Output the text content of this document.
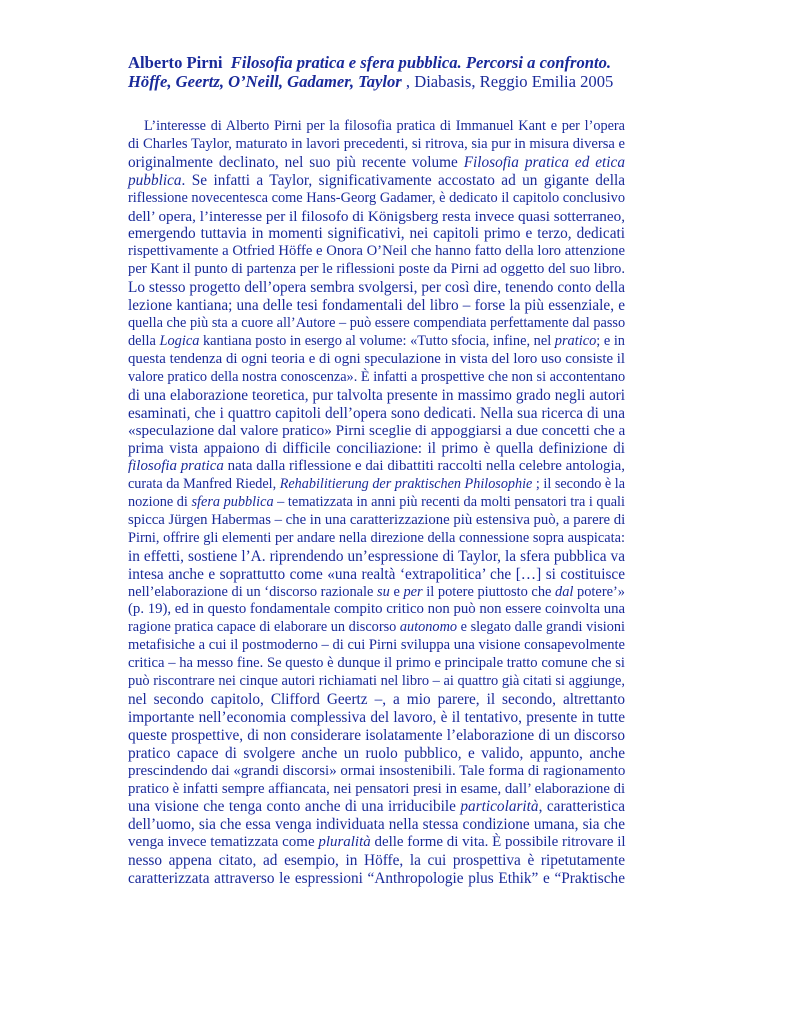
Alberto Pirni Filosofia pratica e sfera pubblica. Percorsi a confronto.
Höffe, Geertz, O’Neill, Gadamer, Taylor , Diabasis, Reggio Emilia 2005
L’interesse di Alberto Pirni per la filosofia pratica di Immanuel Kant e per l’opera
di Charles Taylor, maturato in lavori precedenti, si ritrova, sia pur in misura diversa e
originalmente declinato, nel suo più recente volume Filosofia pratica ed etica
pubblica. Se infatti a Taylor, significativamente accostato ad un gigante della
riflessione novecentesca come Hans-Georg Gadamer, è dedicato il capitolo conclusivo
dell’ opera, l’interesse per il filosofo di Königsberg resta invece quasi sotterraneo,
emergendo tuttavia in momenti significativi, nei capitoli primo e terzo, dedicati
rispettivamente a Otfried Höffe e Onora O’Neil che hanno fatto della loro attenzione
per Kant il punto di partenza per le riflessioni poste da Pirni ad oggetto del suo libro.
Lo stesso progetto dell’opera sembra svolgersi, per così dire, tenendo conto della
lezione kantiana; una delle tesi fondamentali del libro – forse la più essenziale, e
quella che più sta a cuore all’Autore – può essere compendiata perfettamente dal passo
della Logica kantiana posto in esergo al volume: «Tutto sfocia, infine, nel pratico; e in
questa tendenza di ogni teoria e di ogni speculazione in vista del loro uso consiste il
valore pratico della nostra conoscenza». È infatti a prospettive che non si accontentano
di una elaborazione teoretica, pur talvolta presente in massimo grado negli autori
esaminati, che i quattro capitoli dell’opera sono dedicati. Nella sua ricerca di una
«speculazione dal valore pratico» Pirni sceglie di appoggiarsi a due concetti che a
prima vista appaiono di difficile conciliazione: il primo è quella definizione di
filosofia pratica nata dalla riflessione e dai dibattiti raccolti nella celebre antologia,
curata da Manfred Riedel, Rehabilitierung der praktischen Philosophie ; il secondo è la
nozione di sfera pubblica – tematizzata in anni più recenti da molti pensatori tra i quali
spicca Jürgen Habermas – che in una caratterizzazione più estensiva può, a parere di
Pirni, offrire gli elementi per andare nella direzione della connessione sopra auspicata:
in effetti, sostiene l’A. riprendendo un’espressione di Taylor, la sfera pubblica va
intesa anche e soprattutto come «una realtà ‘extrapolitica’ che […] si costituisce
nell’elaborazione di un ‘discorso razionale su e per il potere piuttosto che dal potere’»
(p. 19), ed in questo fondamentale compito critico non può non essere coinvolta una
ragione pratica capace di elaborare un discorso autonomo e slegato dalle grandi visioni
metafisiche a cui il postmoderno – di cui Pirni sviluppa una visione consapevolmente
critica – ha messo fine. Se questo è dunque il primo e principale tratto comune che si
può riscontrare nei cinque autori richiamati nel libro – ai quattro già citati si aggiunge,
nel secondo capitolo, Clifford Geertz –, a mio parere, il secondo, altrettanto
importante nell’economia complessiva del lavoro, è il tentativo, presente in tutte
queste prospettive, di non considerare isolatamente l’elaborazione di un discorso
pratico capace di svolgere anche un ruolo pubblico, e valido, appunto, anche
prescindendo dai «grandi discorsi» ormai insostenibili. Tale forma di ragionamento
pratico è infatti sempre affiancata, nei pensatori presi in esame, dall’ elaborazione di
una visione che tenga conto anche di una irriducibile particolarità, caratteristica
dell’uomo, sia che essa venga individuata nella stessa condizione umana, sia che
venga invece tematizzata come pluralità delle forme di vita. È possibile ritrovare il
nesso appena citato, ad esempio, in Höffe, la cui prospettiva è ripetutamente
caratterizzata attraverso le espressioni “Anthropologie plus Ethik” e “Praktische
